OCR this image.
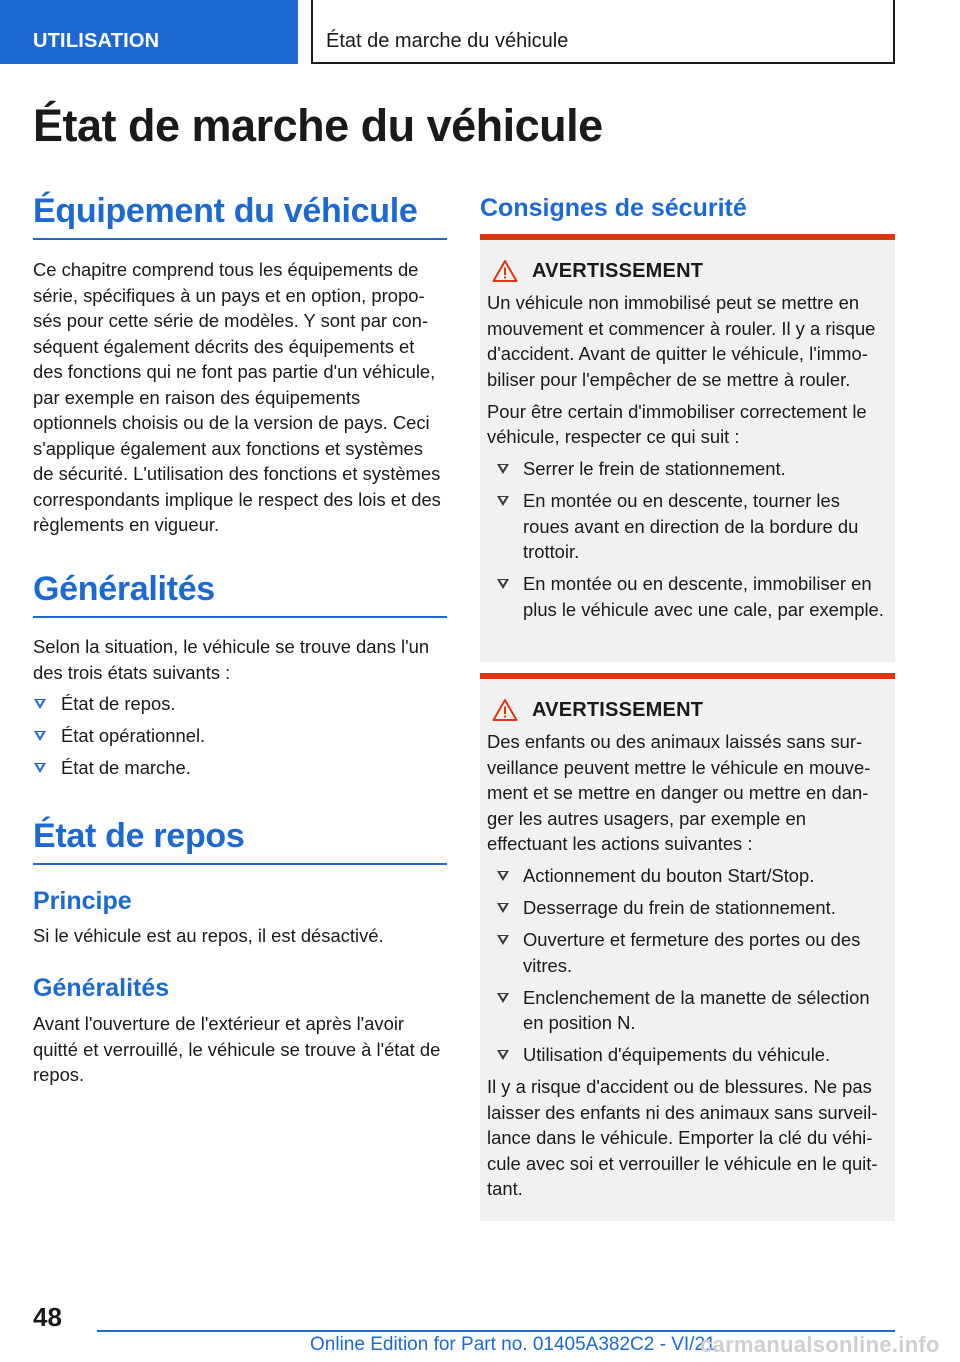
UTILISATION	État de marche du véhicule
État de marche du véhicule
Équipement du véhicule

Ce chapitre comprend tous les équipements de série, spécifiques à un pays et en option, proposés pour cette série de modèles. Y sont par conséquent également décrits des équipements et des fonctions qui ne font pas partie d'un véhicule, par exemple en raison des équipements optionnels choisis ou de la version de pays. Ceci s'applique également aux fonctions et systèmes de sécurité. L'utilisation des fonctions et systèmes correspondants implique le respect des lois et des règlements en vigueur.

Généralités

Selon la situation, le véhicule se trouve dans l'un des trois états suivants :

État de repos.
État opérationnel.
État de marche.
État de repos
Principe

Si le véhicule est au repos, il est désactivé.

Généralités

Avant l'ouverture de l'extérieur et après l'avoir quitté et verrouillé, le véhicule se trouve à l'état de repos.

Consignes de sécurité
AVERTISSEMENT

Un véhicule non immobilisé peut se mettre en mouvement et commencer à rouler. Il y a risque d'accident. Avant de quitter le véhicule, l'immobiliser pour l'empêcher de se mettre à rouler.

Pour être certain d'immobiliser correctement le véhicule, respecter ce qui suit :

Serrer le frein de stationnement.
En montée ou en descente, tourner les roues avant en direction de la bordure du trottoir.
En montée ou en descente, immobiliser en plus le véhicule avec une cale, par exemple.
AVERTISSEMENT

Des enfants ou des animaux laissés sans surveillance peuvent mettre le véhicule en mouvement et se mettre en danger ou mettre en danger les autres usagers, par exemple en effectuant les actions suivantes :

Actionnement du bouton Start/Stop.
Desserrage du frein de stationnement.
Ouverture et fermeture des portes ou des vitres.
Enclenchement de la manette de sélection en position N.
Utilisation d'équipements du véhicule.

Il y a risque d'accident ou de blessures. Ne pas laisser des enfants ni des animaux sans surveillance dans le véhicule. Emporter la clé du véhicule avec soi et verrouiller le véhicule en le quittant.

48
Online Edition for Part no. 01405A382C2 - VI/21
carmanualsonline.info
